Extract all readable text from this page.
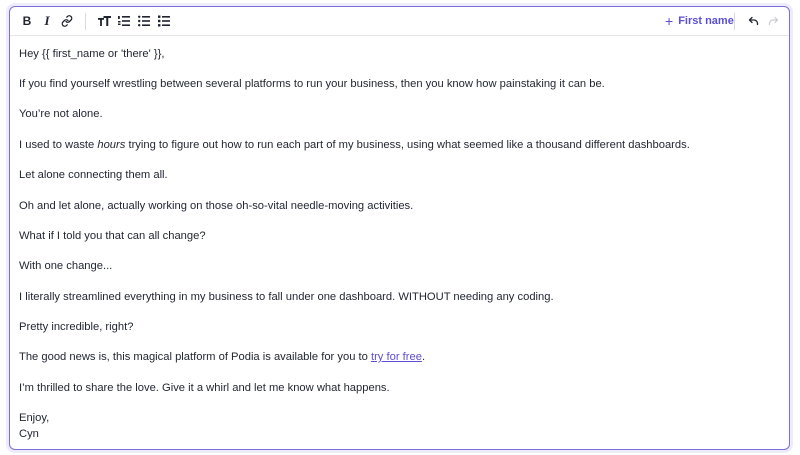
B	I	+ First name

Hey {{ first_name or 'there' }},

If you find yourself wrestling between several platforms to run your business, then you know how painstaking it can be.

You’re not alone.

I used to waste hours trying to figure out how to run each part of my business, using what seemed like a thousand different dashboards.

Let alone connecting them all.

Oh and let alone, actually working on those oh-so-vital needle-moving activities.

What if I told you that can all change?

With one change...

I literally streamlined everything in my business to fall under one dashboard. WITHOUT needing any coding.

Pretty incredible, right?

The good news is, this magical platform of Podia is available for you to try for free.

I’m thrilled to share the love. Give it a whirl and let me know what happens.

Enjoy,

Cyn
